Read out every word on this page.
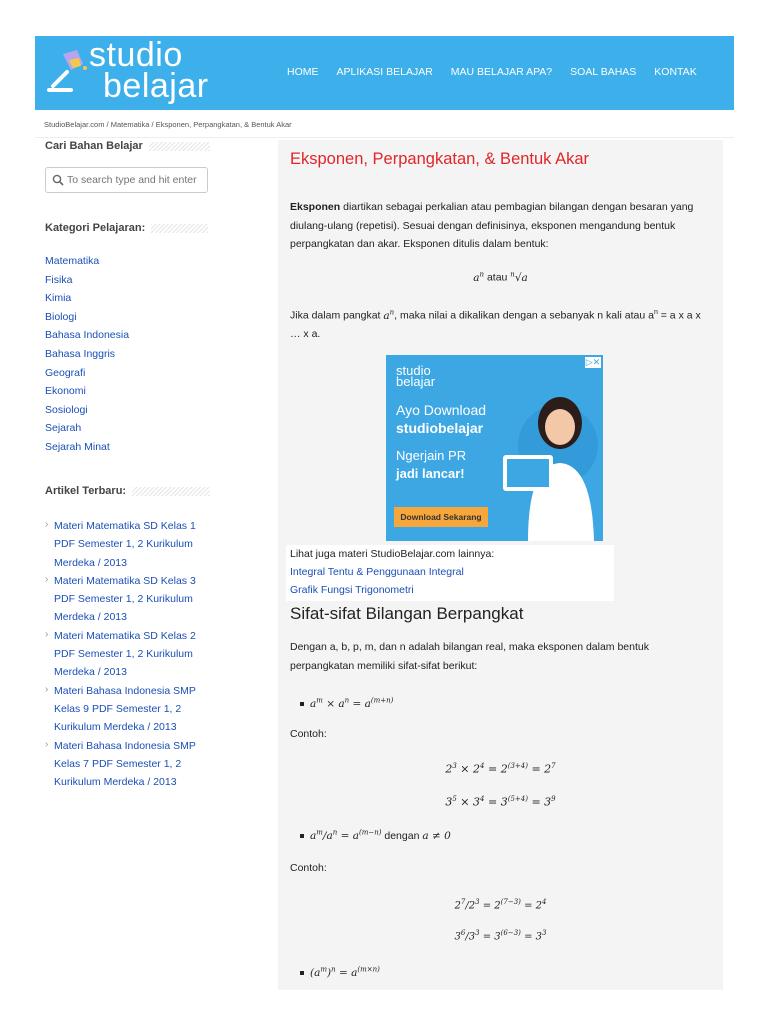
studio
belajar	HOME APLIKASI BELAJAR MAU BELAJAR APA? SOAL BAHAS KONTAK
StudioBelajar.com / Matematika / Eksponen, Perpangkatan, & Bentuk Akar
Cari Bahan Belajar
To search type and hit enter
Kategori Pelajaran:
Matematika
Fisika
Kimia
Biologi
Bahasa Indonesia
Bahasa Inggris
Geografi
Ekonomi
Sosiologi
Sejarah
Sejarah Minat
Artikel Terbaru:
› Materi Matematika SD Kelas 1
PDF Semester 1, 2 Kurikulum
Merdeka / 2013
› Materi Matematika SD Kelas 3
PDF Semester 1, 2 Kurikulum
Merdeka / 2013
› Materi Matematika SD Kelas 2
PDF Semester 1, 2 Kurikulum
Merdeka / 2013
› Materi Bahasa Indonesia SMP
Kelas 9 PDF Semester 1, 2
Kurikulum Merdeka / 2013
› Materi Bahasa Indonesia SMP
Kelas 7 PDF Semester 1, 2
Kurikulum Merdeka / 2013
Eksponen, Perpangkatan, & Bentuk Akar
Eksponen diartikan sebagai perkalian atau pembagian bilangan dengan besaran yang diulang-ulang (repetisi). Sesuai dengan definisinya, eksponen mengandung bentuk perpangkatan dan akar. Eksponen ditulis dalam bentuk:
$a^n$ atau $^n$√a
Jika dalam pangkat $a^n$, maka nilai a dikalikan dengan a sebanyak n kali atau $a^n = a$ x a x … x a.
▷✕
studio
belajar
Ayo Download
studiobelajar
Ngerjain PR
jadi lancar!
Download Sekarang
Lihat juga materi StudioBelajar.com lainnya:
Integral Tentu & Penggunaan Integral
Grafik Fungsi Trigonometri
Sifat-sifat Bilangan Berpangkat
Dengan a, b, p, m, dan n adalah bilangan real, maka eksponen dalam bentuk perpangkatan memiliki sifat-sifat berikut:
$a^m \times a^n = a^{(m+n)}$
Contoh:
$2^3 \times 2^4 = 2^{(3+4)} = 2^7$
$3^5 \times 3^4 = 3^{(5+4)} = 3^9$
$a^m/a^n = a^{(m-n)}$ dengan a ≠ 0
Contoh:
$2^7/2^3 = 2^{(7-3)} = 2^4$
$3^6/3^3 = 3^{(6-3)} = 3^3$
$(a^m)^n = a^{(m\times n)}$
